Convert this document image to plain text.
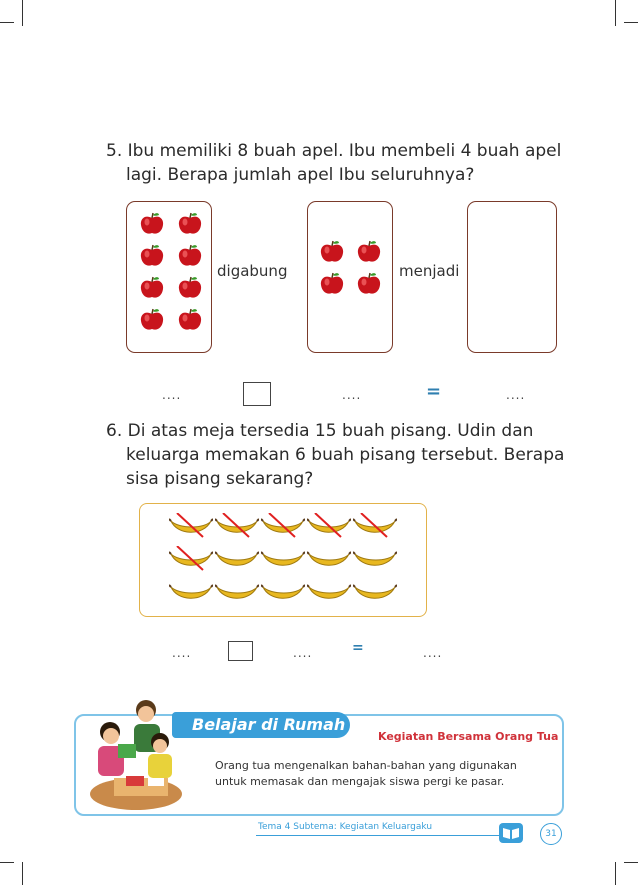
5. Ibu memiliki 8 buah apel. Ibu membeli 4 buah apel
lagi. Berapa jumlah apel Ibu seluruhnya?
digabung	menjadi
....	....	=	....
6. Di atas meja tersedia 15 buah pisang. Udin dan
keluarga memakan 6 buah pisang tersebut. Berapa
sisa pisang sekarang?
....	....	=	....
Belajar di Rumah
Kegiatan Bersama Orang Tua
Orang tua mengenalkan bahan-bahan yang digunakan
untuk memasak dan mengajak siswa pergi ke pasar.
Tema 4 Subtema: Kegiatan Keluargaku
31
